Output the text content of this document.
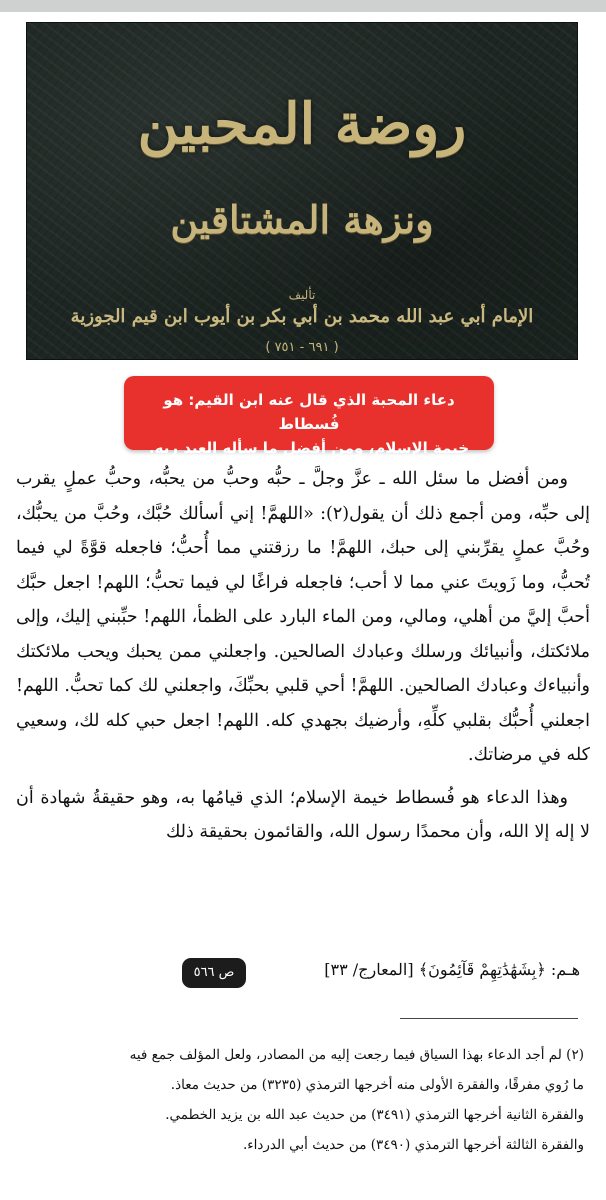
روضة المحبين
ونزهة المشتاقين
تأليف
الإمام أبي عبد الله محمد بن أبي بكر بن أيوب ابن قيم الجوزية
( ٦٩١ - ٧٥١ )
دعاء المحبة الذي قال عنه ابن القيم: هو فُسطاط
خيمة الإسلام، ومن أفضل ما سأله العبد ربه.

ومن أفضل ما سئل الله ـ عزَّ وجلَّ ـ حبُّه وحبُّ من يحبُّه، وحبُّ عملٍ يقرب إلى حبِّه، ومن أجمع ذلك أن يقول(٢): «اللهمَّ! إني أسألك حُبَّك، وحُبَّ من يحبُّك، وحُبَّ عملٍ يقرِّبني إلى حبك، اللهمَّ! ما رزقتني مما أُحبُّ؛ فاجعله قوَّةً لي فيما تُحبُّ، وما زَويتَ عني مما لا أحب؛ فاجعله فراغًا لي فيما تحبُّ؛ اللهم! اجعل حبَّك أحبَّ إليَّ من أهلي، ومالي، ومن الماء البارد على الظمأ، اللهم! حبِّبني إليك، وإلى ملائكتك، وأنبيائك ورسلك وعبادك الصالحين. واجعلني ممن يحبك ويحب ملائكتك وأنبياءك وعبادك الصالحين. اللهمَّ! أحي قلبي بحبِّكَ، واجعلني لك كما تحبُّ. اللهم! اجعلني أُحبُّك بقلبي كلِّهِ، وأرضيك بجهدي كله. اللهم! اجعل حبي كله لك، وسعيي كله في مرضاتك.

وهذا الدعاء هو فُسطاط خيمة الإسلام؛ الذي قيامُها به، وهو حقيقةُ شهادة أن لا إله إلا الله، وأن محمدًا رسول الله، والقائمون بحقيقة ذلك

هـم: ﴿بِشَهَٰدَٰتِهِمْ قَآئِمُونَ﴾ [المعارج/ ٣٣]
ص ٥٦٦
(٢) لم أجد الدعاء بهذا السياق فيما رجعت إليه من المصادر، ولعل المؤلف جمع فيه
ما رُوي مفرقًا، والفقرة الأولى منه أخرجها الترمذي (٣٢٣٥) من حديث معاذ.
والفقرة الثانية أخرجها الترمذي (٣٤٩١) من حديث عبد الله بن يزيد الخطمي.
والفقرة الثالثة أخرجها الترمذي (٣٤٩٠) من حديث أبي الدرداء.
